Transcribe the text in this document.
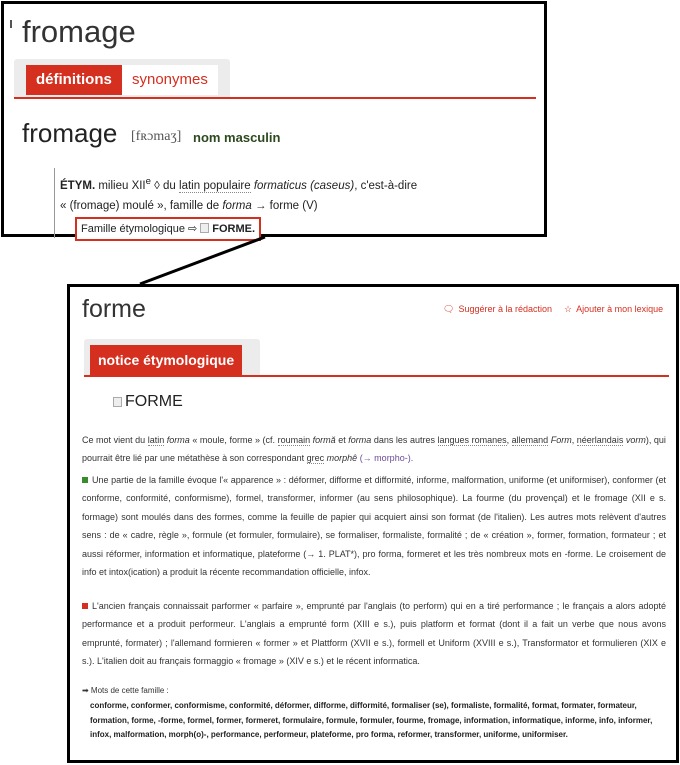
fromage
définitions	synonymes
fromage [fʀɔmaʒ] nom masculin
ÉTYM. milieu XIIe ◊ du latin populaire formaticus (caseus), c'est-à-dire
« (fromage) moulé », famille de forma → forme (V)
Famille étymologique ⇨ FORME.
forme	🗨 Suggérer à la rédaction ☆ Ajouter à mon lexique
notice étymologique
FORME
Ce mot vient du latin forma « moule, forme » (cf. roumain formă et forma dans les autres langues romanes, allemand Form, néerlandais vorm), qui pourrait être lié par une métathèse à son correspondant grec morphê (→ morpho-).
Une partie de la famille évoque l'« apparence » : déformer, difforme et difformité, informe, malformation, uniforme (et uniformiser), conformer (et conforme, conformité, conformisme), formel, transformer, informer (au sens philosophique). La fourme (du provençal) et le fromage (XII e s. formage) sont moulés dans des formes, comme la feuille de papier qui acquiert ainsi son format (de l'italien). Les autres mots relèvent d'autres sens : de « cadre, règle », formule (et formuler, formulaire), se formaliser, formaliste, formalité ; de « création », former, formation, formateur ; et aussi réformer, information et informatique, plateforme (→ 1. PLAT*), pro forma, formeret et les très nombreux mots en -forme. Le croisement de info et intox(ication) a produit la récente recommandation officielle, infox.
L'ancien français connaissait parformer « parfaire », emprunté par l'anglais (to perform) qui en a tiré performance ; le français a alors adopté performance et a produit performeur. L'anglais a emprunté form (XIII e s.), puis platform et format (dont il a fait un verbe que nous avons emprunté, formater) ; l'allemand formieren « former » et Plattform (XVII e s.), formell et Uniform (XVIII e s.), Transformator et formulieren (XIX e s.). L'italien doit au français formaggio « fromage » (XIV e s.) et le récent informatica.
➡ Mots de cette famille :
conforme, conformer, conformisme, conformité, déformer, difforme, difformité, formaliser (se), formaliste, formalité, format, formater, formateur, formation, forme, -forme, formel, former, formeret, formulaire, formule, formuler, fourme, fromage, information, informatique, informe, info, informer, infox, malformation, morph(o)-, performance, performeur, plateforme, pro forma, reformer, transformer, uniforme, uniformiser.
